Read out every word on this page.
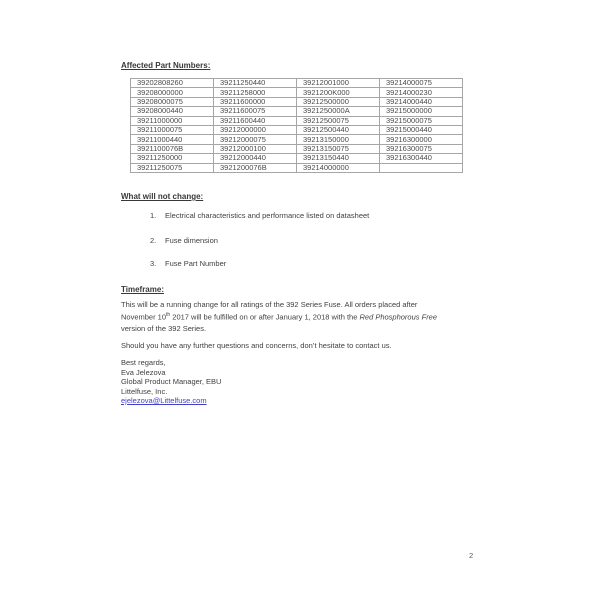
Affected Part Numbers:
39202808260	39211250440	39212001000	39214000075
39208000000	39211258000	3921200K000	39214000230
39208000075	39211600000	39212500000	39214000440
39208000440	39211600075	3921250000A	39215000000
39211000000	39211600440	39212500075	39215000075
39211000075	39212000000	39212500440	39215000440
39211000440	39212000075	39213150000	39216300000
3921100076B	39212000100	39213150075	39216300075
39211250000	39212000440	39213150440	39216300440
39211250075	3921200076B	39214000000	
What will not change:
1. Electrical characteristics and performance listed on datasheet
2. Fuse dimension
3. Fuse Part Number
Timeframe:
This will be a running change for all ratings of the 392 Series Fuse. All orders placed after
November 10th 2017 will be fulfilled on or after January 1, 2018 with the Red Phosphorous Free
version of the 392 Series.
Should you have any further questions and concerns, don’t hesitate to contact us.
Best regards,
Eva Jelezova
Global Product Manager, EBU
Littelfuse, Inc.
ejelezova@Littelfuse.com
2
